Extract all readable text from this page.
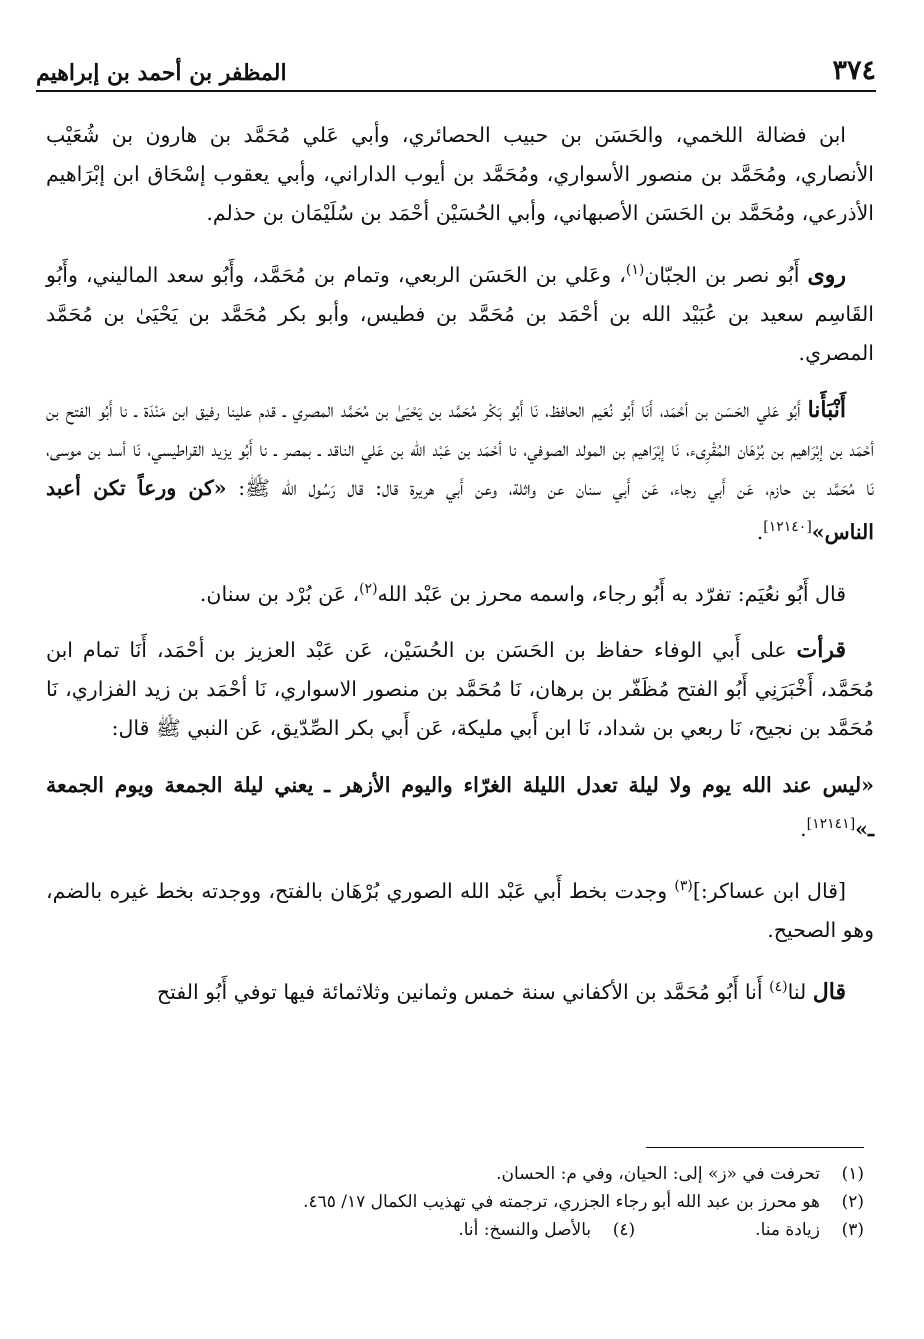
٣٧٤
المظفر بن أحمد بن إبراهيم

ابن فضالة اللخمي، والحَسَن بن حبيب الحصائري، وأبي عَلي مُحَمَّد بن هارون بن شُعَيْب الأنصاري، ومُحَمَّد بن منصور الأسواري، ومُحَمَّد بن أيوب الداراني، وأبي يعقوب إسْحَاق ابن إبْرَاهيم الأذرعي، ومُحَمَّد بن الحَسَن الأصبهاني، وأبي الحُسَيْن أحْمَد بن سُلَيْمَان بن حذلم.

روى أَبُو نصر بن الجبّان$^{(١)}$، وعَلي بن الحَسَن الربعي، وتمام بن مُحَمَّد، وأَبُو سعد الماليني، وأَبُو القَاسِم سعيد بن عُبَيْد الله بن أحْمَد بن مُحَمَّد بن فطيس، وأبو بكر مُحَمَّد بن يَحْيَىٰ بن مُحَمَّد المصري.

أَنْبَأَنا أَبُو عَلي الحَسَن بن أحْمَد، أَنَا أَبُو نُعَيم الحافظ، نَا أَبُو بَكْر مُحَمَّد بن يَحْيَىٰ بن مُحَمَّد المصري ـ قدم علينا رفيق ابن مَنْدَة ـ نا أَبُو الفتح بن أحْمَد بن إبْرَاهيم بن بُرْهَان المُقْرِىء، نَا إبْرَاهيم بن المولد الصوفي، نا أحْمَد بن عَبْد الله بن عَلي الناقد ـ بمصر ـ نا أَبُو يزيد القراطيسي، نَا أسد بن موسى، نَا مُحَمَّد بن حازم، عَن أَبي رجاء، عَن أَبي سنان عن واثلة، وعن أَبي هريرة قال: قال رَسُول الله ﷺ: «كن ورعاً تكن أعبد الناس»[١٢١٤٠].

قال أَبُو نعُيَم: تفرّد به أَبُو رجاء، واسمه محرز بن عَبْد الله$^{(٢)}$، عَن بُرْد بن سنان.

قرأت على أَبي الوفاء حفاظ بن الحَسَن بن الحُسَيْن، عَن عَبْد العزيز بن أحْمَد، أَنَا تمام ابن مُحَمَّد، أَخْبَرَنِي أَبُو الفتح مُظَفّر بن برهان، نَا مُحَمَّد بن منصور الاسواري، نَا أحْمَد بن زيد الفزاري، نَا مُحَمَّد بن نجيح، نَا ربعي بن شداد، نَا ابن أَبي مليكة، عَن أَبي بكر الصِّدّيق، عَن النبي ﷺ قال:

«ليس عند الله يوم ولا ليلة تعدل الليلة الغرّاء واليوم الأزهر ـ يعني ليلة الجمعة ويوم الجمعة ـ»[١٢١٤١].

[قال ابن عساكر:]$^{(٣)}$ وجدت بخط أَبي عَبْد الله الصوري بُرْهَان بالفتح، ووجدته بخط غيره بالضم، وهو الصحيح.

قال لنا$^{(٤)}$ أَنا أَبُو مُحَمَّد بن الأكفاني سنة خمس وثمانين وثلاثمائة فيها توفي أَبُو الفتح

(١)
تحرفت في «ز» إلى: الحيان، وفي م: الحسان.
(٢)
هو محرز بن عبد الله أبو رجاء الجزري، ترجمته في تهذيب الكمال ١٧/ ٤٦٥.
(٣)
زيادة منا.
(٤)
بالأصل والنسخ: أنا.
